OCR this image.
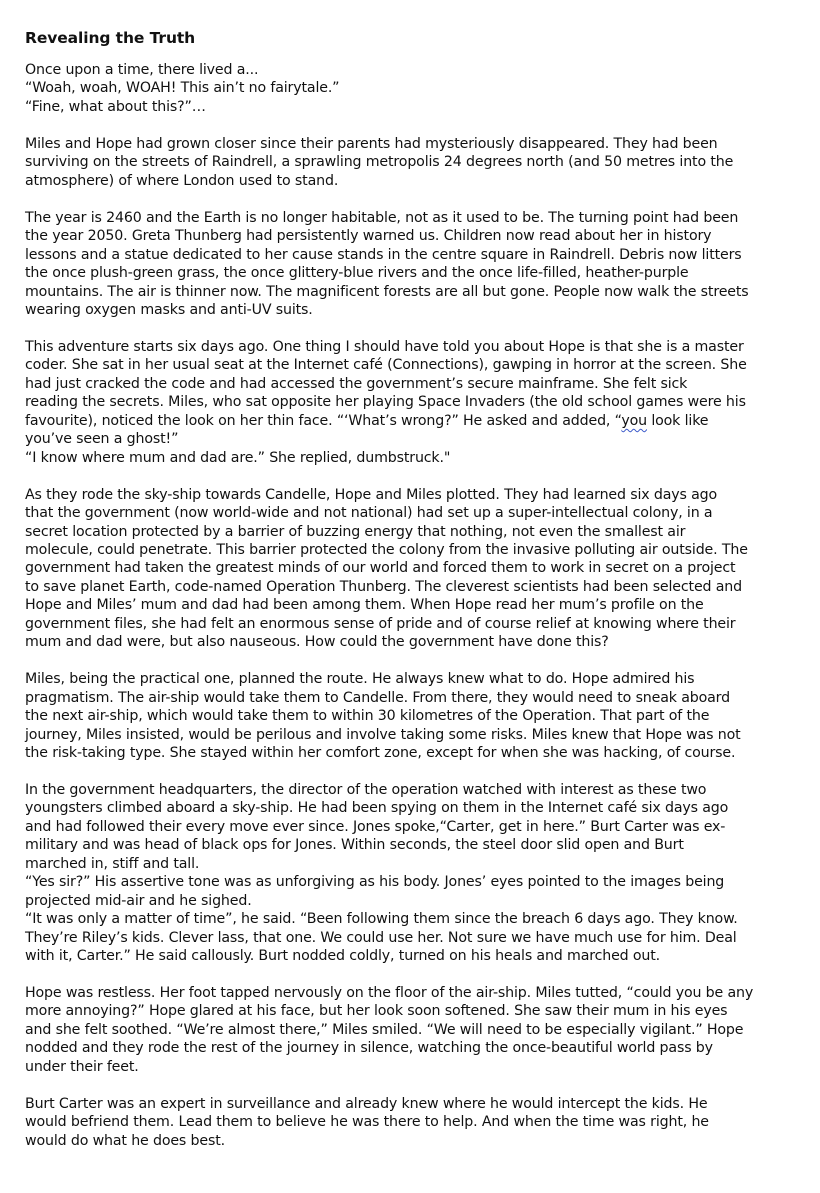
Revealing the Truth
Once upon a time, there lived a...
“Woah, woah, WOAH! This ain’t no fairytale.”
“Fine, what about this?”…
Miles and Hope had grown closer since their parents had mysteriously disappeared. They had been
surviving on the streets of Raindrell, a sprawling metropolis 24 degrees north (and 50 metres into the
atmosphere) of where London used to stand.
The year is 2460 and the Earth is no longer habitable, not as it used to be. The turning point had been
the year 2050. Greta Thunberg had persistently warned us. Children now read about her in history
lessons and a statue dedicated to her cause stands in the centre square in Raindrell. Debris now litters
the once plush-green grass, the once glittery-blue rivers and the once life-filled, heather-purple
mountains. The air is thinner now. The magnificent forests are all but gone. People now walk the streets
wearing oxygen masks and anti-UV suits.
This adventure starts six days ago. One thing I should have told you about Hope is that she is a master
coder. She sat in her usual seat at the Internet café (Connections), gawping in horror at the screen. She
had just cracked the code and had accessed the government’s secure mainframe. She felt sick
reading the secrets. Miles, who sat opposite her playing Space Invaders (the old school games were his
favourite), noticed the look on her thin face. “‘What’s wrong?” He asked and added, “you look like
you’ve seen a ghost!”
“I know where mum and dad are.” She replied, dumbstruck."
As they rode the sky-ship towards Candelle, Hope and Miles plotted. They had learned six days ago
that the government (now world-wide and not national) had set up a super-intellectual colony, in a
secret location protected by a barrier of buzzing energy that nothing, not even the smallest air
molecule, could penetrate. This barrier protected the colony from the invasive polluting air outside. The
government had taken the greatest minds of our world and forced them to work in secret on a project
to save planet Earth, code-named Operation Thunberg. The cleverest scientists had been selected and
Hope and Miles’ mum and dad had been among them. When Hope read her mum’s profile on the
government files, she had felt an enormous sense of pride and of course relief at knowing where their
mum and dad were, but also nauseous. How could the government have done this?
Miles, being the practical one, planned the route. He always knew what to do. Hope admired his
pragmatism. The air-ship would take them to Candelle. From there, they would need to sneak aboard
the next air-ship, which would take them to within 30 kilometres of the Operation. That part of the
journey, Miles insisted, would be perilous and involve taking some risks. Miles knew that Hope was not
the risk-taking type. She stayed within her comfort zone, except for when she was hacking, of course.
In the government headquarters, the director of the operation watched with interest as these two
youngsters climbed aboard a sky-ship. He had been spying on them in the Internet café six days ago
and had followed their every move ever since. Jones spoke,“Carter, get in here.” Burt Carter was ex-
military and was head of black ops for Jones. Within seconds, the steel door slid open and Burt
marched in, stiff and tall.
“Yes sir?” His assertive tone was as unforgiving as his body. Jones’ eyes pointed to the images being
projected mid-air and he sighed.
“It was only a matter of time”, he said. “Been following them since the breach 6 days ago. They know.
They’re Riley’s kids. Clever lass, that one. We could use her. Not sure we have much use for him. Deal
with it, Carter.” He said callously. Burt nodded coldly, turned on his heals and marched out.
Hope was restless. Her foot tapped nervously on the floor of the air-ship. Miles tutted, “could you be any
more annoying?” Hope glared at his face, but her look soon softened. She saw their mum in his eyes
and she felt soothed. “We’re almost there,” Miles smiled. “We will need to be especially vigilant.” Hope
nodded and they rode the rest of the journey in silence, watching the once-beautiful world pass by
under their feet.
Burt Carter was an expert in surveillance and already knew where he would intercept the kids. He
would befriend them. Lead them to believe he was there to help. And when the time was right, he
would do what he does best.
